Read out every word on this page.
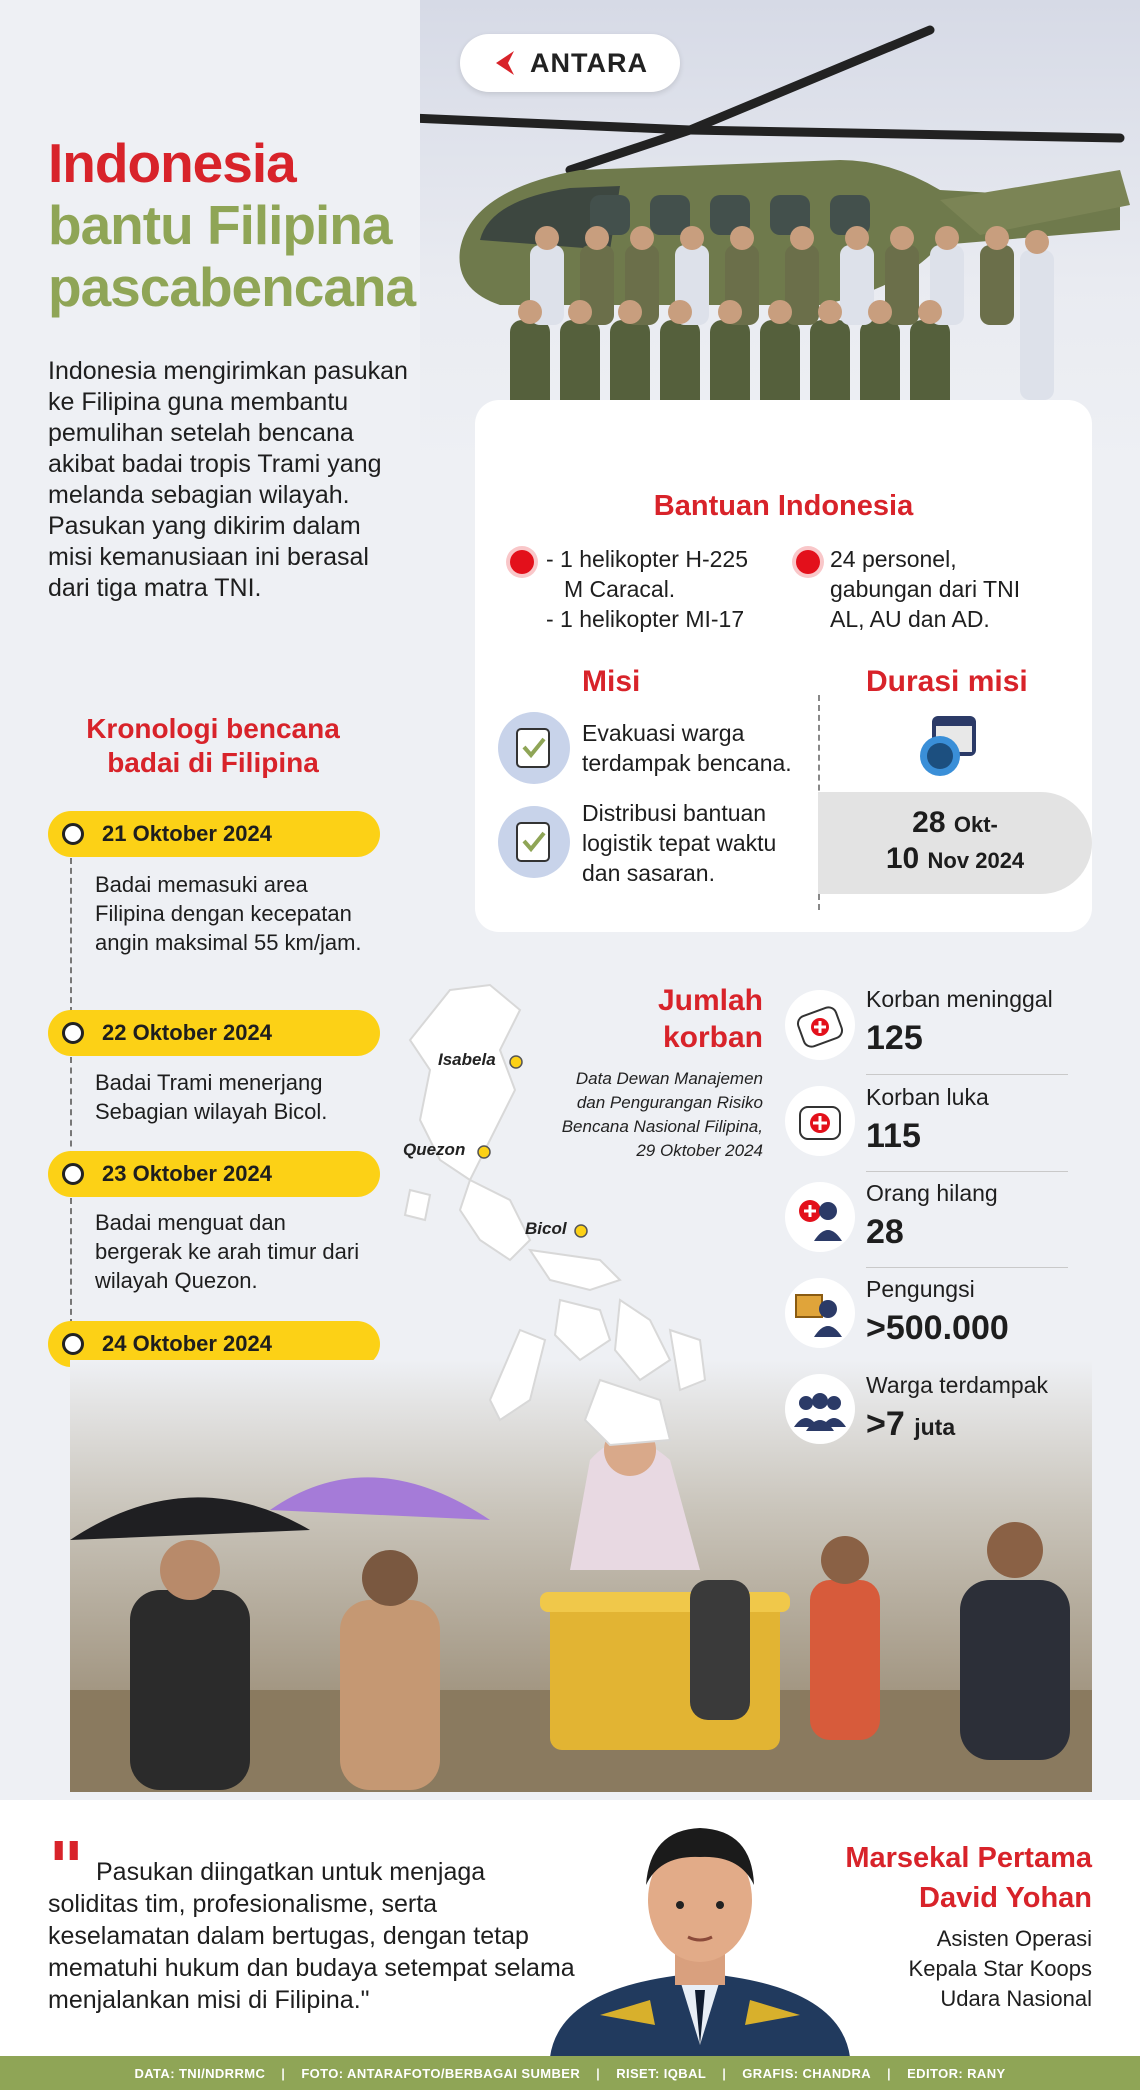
ANTARA
Indonesia
bantu Filipina
pascabencana

Indonesia mengirimkan pasukan ke Filipina guna membantu pemulihan setelah bencana akibat badai tropis Trami yang melanda sebagian wilayah. Pasukan yang dikirim dalam misi kemanusiaan ini berasal dari tiga matra TNI.

Bantuan Indonesia
- 1 helikopter H-225
M Caracal.
- 1 helikopter MI-17
24 personel,
gabungan dari TNI
AL, AU dan AD.
Misi
Evakuasi warga terdampak bencana.
Distribusi bantuan logistik tepat waktu dan sasaran.
Durasi misi
28 Okt-
10 Nov 2024
Kronologi bencana
badai di Filipina
21 Oktober 2024
Badai memasuki area Filipina dengan kecepatan angin maksimal 55 km/jam.
22 Oktober 2024
Badai Trami menerjang Sebagian wilayah Bicol.
23 Oktober 2024
Badai menguat dan bergerak ke arah timur dari wilayah Quezon.
24 Oktober 2024
Isabela
Quezon
Bicol
Jumlah
korban
Data Dewan Manajemen dan Pengurangan Risiko Bencana Nasional Filipina, 29 Oktober 2024
Korban meninggal
125
Korban luka
115
Orang hilang
28
Pengungsi
>500.000
Warga terdampak
>7 juta
" Pasukan diingatkan untuk menjaga soliditas tim, profesionalisme, serta keselamatan dalam bertugas, dengan tetap mematuhi hukum dan budaya setempat selama menjalankan misi di Filipina."

Marsekal Pertama
David Yohan
Asisten Operasi
Kepala Star Koops
Udara Nasional
DATA: TNI/NDRRMC | FOTO: ANTARAFOTO/BERBAGAI SUMBER | RISET: IQBAL | GRAFIS: CHANDRA | EDITOR: RANY
